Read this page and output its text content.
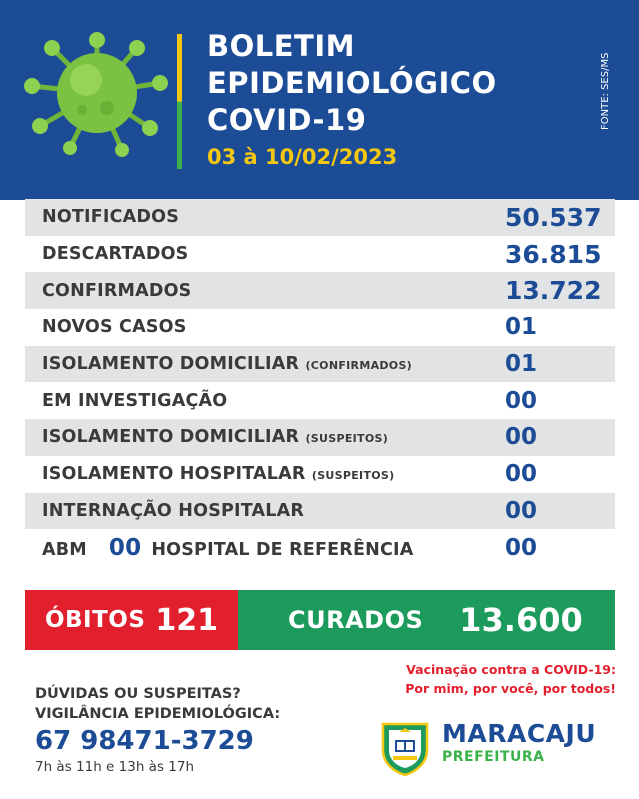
BOLETIM
EPIDEMIOLÓGICO
COVID-19
03 à 10/02/2023
FONTE: SES/MS
NOTIFICADOS	50.537
DESCARTADOS	36.815
CONFIRMADOS	13.722
NOVOS CASOS	01
ISOLAMENTO DOMICILIAR (CONFIRMADOS)	01
EM INVESTIGAÇÃO	00
ISOLAMENTO DOMICILIAR (SUSPEITOS)	00
ISOLAMENTO HOSPITALAR (SUSPEITOS)	00
INTERNAÇÃO HOSPITALAR	00
ABM 00 HOSPITAL DE REFERÊNCIA	00
ÓBITOS 121	CURADOS 13.600
DÚVIDAS OU SUSPEITAS?
VIGILÂNCIA EPIDEMIOLÓGICA:
67 98471-3729
7h às 11h e 13h às 17h
Vacinação contra a COVID-19:
Por mim, por você, por todos!
MARACAJU
PREFEITURA
